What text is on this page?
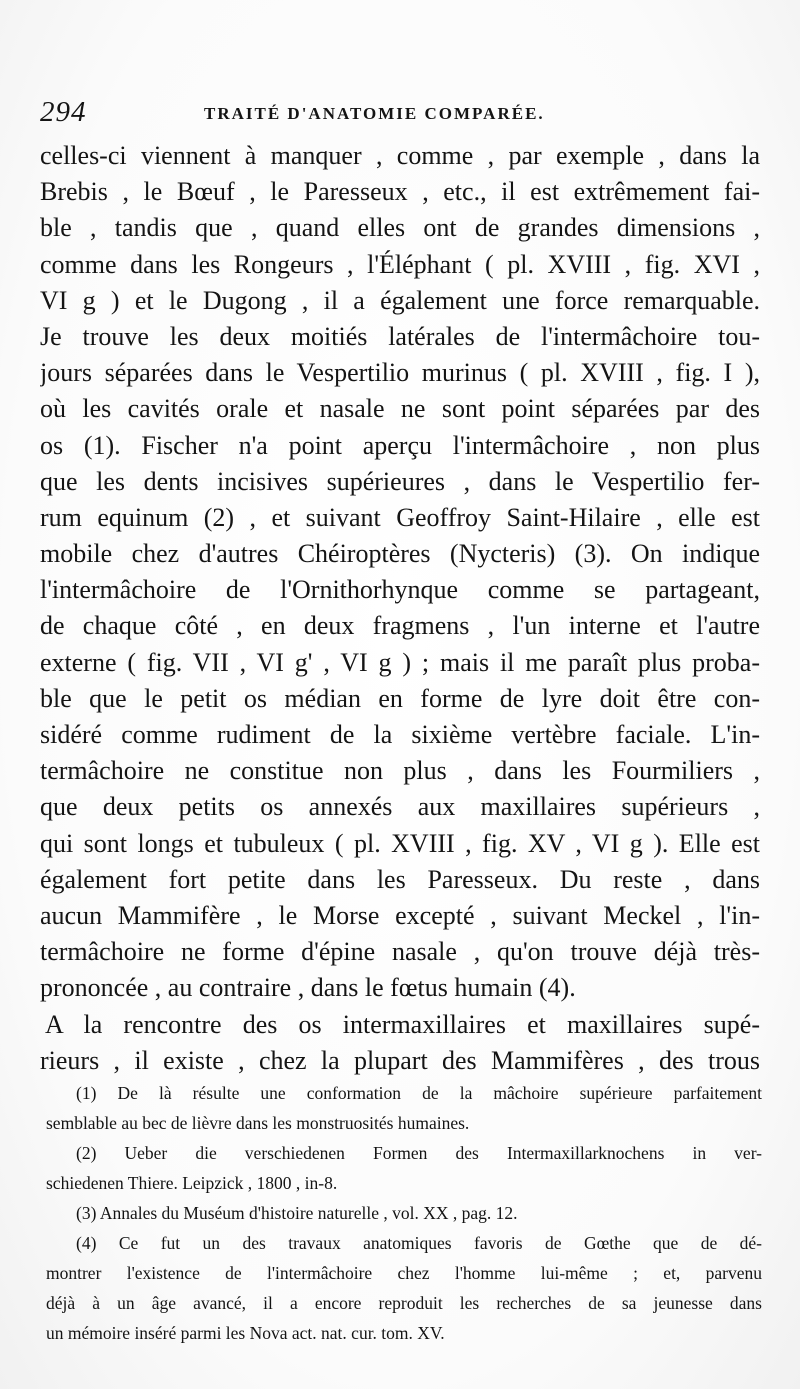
294	TRAITÉ D'ANATOMIE COMPARÉE.
celles-ci viennent à manquer , comme , par exemple , dans la
Brebis , le Bœuf , le Paresseux , etc., il est extrêmement fai-
ble , tandis que , quand elles ont de grandes dimensions ,
comme dans les Rongeurs , l'Éléphant ( pl. XVIII , fig. XVI ,
VI g ) et le Dugong , il a également une force remarquable.
Je trouve les deux moitiés latérales de l'intermâchoire tou-
jours séparées dans le Vespertilio murinus ( pl. XVIII , fig. I ),
où les cavités orale et nasale ne sont point séparées par des
os (1). Fischer n'a point aperçu l'intermâchoire , non plus
que les dents incisives supérieures , dans le Vespertilio fer-
rum equinum (2) , et suivant Geoffroy Saint-Hilaire , elle est
mobile chez d'autres Chéiroptères (Nycteris) (3). On indique
l'intermâchoire de l'Ornithorhynque comme se partageant,
de chaque côté , en deux fragmens , l'un interne et l'autre
externe ( fig. VII , VI g' , VI g ) ; mais il me paraît plus proba-
ble que le petit os médian en forme de lyre doit être con-
sidéré comme rudiment de la sixième vertèbre faciale. L'in-
termâchoire ne constitue non plus , dans les Fourmiliers ,
que deux petits os annexés aux maxillaires supérieurs ,
qui sont longs et tubuleux ( pl. XVIII , fig. XV , VI g ). Elle est
également fort petite dans les Paresseux. Du reste , dans
aucun Mammifère , le Morse excepté , suivant Meckel , l'in-
termâchoire ne forme d'épine nasale , qu'on trouve déjà très-
prononcée , au contraire , dans le fœtus humain (4).
A la rencontre des os intermaxillaires et maxillaires supé-
rieurs , il existe , chez la plupart des Mammifères , des trous
(1) De là résulte une conformation de la mâchoire supérieure parfaitement
semblable au bec de lièvre dans les monstruosités humaines.
(2) Ueber die verschiedenen Formen des Intermaxillarknochens in ver-
schiedenen Thiere. Leipzick , 1800 , in-8.
(3) Annales du Muséum d'histoire naturelle , vol. XX , pag. 12.
(4) Ce fut un des travaux anatomiques favoris de Gœthe que de dé-
montrer l'existence de l'intermâchoire chez l'homme lui-même ; et, parvenu
déjà à un âge avancé, il a encore reproduit les recherches de sa jeunesse dans
un mémoire inséré parmi les Nova act. nat. cur. tom. XV.
